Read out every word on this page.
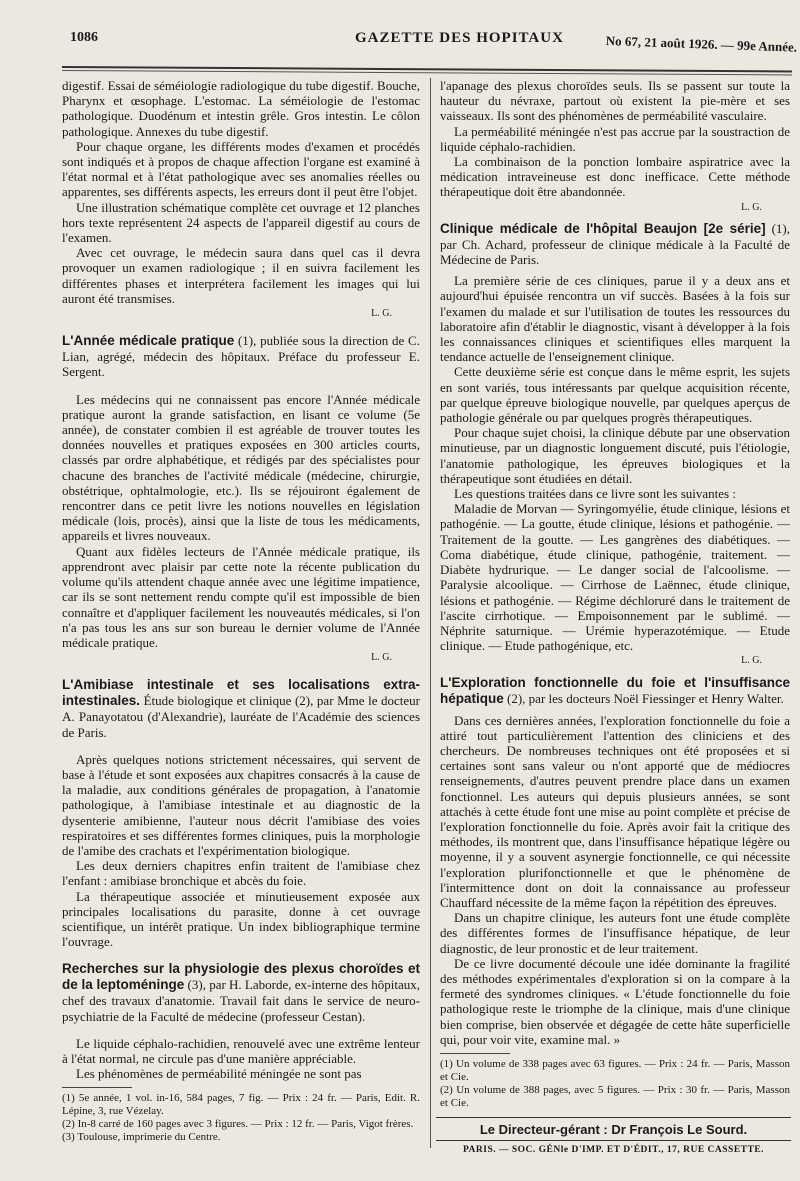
1086	GAZETTE DES HOPITAUX	No 67, 21 août 1926. — 99e Année.

digestif. Essai de séméiologie radiologique du tube digestif. Bouche, Pharynx et œsophage. L'estomac. La séméiologie de l'estomac pathologique. Duodénum et intestin grêle. Gros intestin. Le côlon pathologique. Annexes du tube digestif.

Pour chaque organe, les différents modes d'examen et procédés sont indiqués et à propos de chaque affection l'organe est examiné à l'état normal et à l'état pathologique avec ses anomalies réelles ou apparentes, ses différents aspects, les erreurs dont il peut être l'objet.

Une illustration schématique complète cet ouvrage et 12 planches hors texte représentent 24 aspects de l'appareil digestif au cours de l'examen.

Avec cet ouvrage, le médecin saura dans quel cas il devra provoquer un examen radiologique ; il en suivra facilement les différentes phases et interprétera facilement les images qui lui auront été transmises.

L. G.
L'Année médicale pratique (1), publiée sous la direction de C. Lian, agrégé, médecin des hôpitaux. Préface du professeur E. Sergent.

Les médecins qui ne connaissent pas encore l'Année médicale pratique auront la grande satisfaction, en lisant ce volume (5e année), de constater combien il est agréable de trouver toutes les données nouvelles et pratiques exposées en 300 articles courts, classés par ordre alphabétique, et rédigés par des spécialistes pour chacune des branches de l'activité médicale (médecine, chirurgie, obstétrique, ophtalmologie, etc.). Ils se réjouiront également de rencontrer dans ce petit livre les notions nouvelles en législation médicale (lois, procès), ainsi que la liste de tous les médicaments, appareils et livres nouveaux.

Quant aux fidèles lecteurs de l'Année médicale pratique, ils apprendront avec plaisir par cette note la récente publication du volume qu'ils attendent chaque année avec une légitime impatience, car ils se sont nettement rendu compte qu'il est impossible de bien connaître et d'appliquer facilement les nouveautés médicales, si l'on n'a pas tous les ans sur son bureau le dernier volume de l'Année médicale pratique.

L. G.
L'Amibiase intestinale et ses localisations extra-intestinales. Étude biologique et clinique (2), par Mme le docteur A. Panayotatou (d'Alexandrie), lauréate de l'Académie des sciences de Paris.

Après quelques notions strictement nécessaires, qui servent de base à l'étude et sont exposées aux chapitres consacrés à la cause de la maladie, aux conditions générales de propagation, à l'anatomie pathologique, à l'amibiase intestinale et au diagnostic de la dysenterie amibienne, l'auteur nous décrit l'amibiase des voies respiratoires et ses différentes formes cliniques, puis la morphologie de l'amibe des crachats et l'expérimentation biologique.

Les deux derniers chapitres enfin traitent de l'amibiase chez l'enfant : amibiase bronchique et abcès du foie.

La thérapeutique associée et minutieusement exposée aux principales localisations du parasite, donne à cet ouvrage scientifique, un intérêt pratique. Un index bibliographique termine l'ouvrage.

Recherches sur la physiologie des plexus choroïdes et de la leptoméninge (3), par H. Laborde, ex-interne des hôpitaux, chef des travaux d'anatomie. Travail fait dans le service de neuro-psychiatrie de la Faculté de médecine (professeur Cestan).

Le liquide céphalo-rachidien, renouvelé avec une extrême lenteur à l'état normal, ne circule pas d'une manière appréciable.

Les phénomènes de perméabilité méningée ne sont pas

(1) 5e année, 1 vol. in-16, 584 pages, 7 fig. — Prix : 24 fr. — Paris, Edit. R. Lépine, 3, rue Vézelay.

(2) In-8 carré de 160 pages avec 3 figures. — Prix : 12 fr. — Paris, Vigot frères.

(3) Toulouse, imprimerie du Centre.

l'apanage des plexus choroïdes seuls. Ils se passent sur toute la hauteur du névraxe, partout où existent la pie-mère et ses vaisseaux. Ils sont des phénomènes de perméabilité vasculaire.

La perméabilité méningée n'est pas accrue par la soustraction de liquide céphalo-rachidien.

La combinaison de la ponction lombaire aspiratrice avec la médication intraveineuse est donc inefficace. Cette méthode thérapeutique doit être abandonnée.

L. G.
Clinique médicale de l'hôpital Beaujon [2e série] (1), par Ch. Achard, professeur de clinique médicale à la Faculté de Médecine de Paris.

La première série de ces cliniques, parue il y a deux ans et aujourd'hui épuisée rencontra un vif succès. Basées à la fois sur l'examen du malade et sur l'utilisation de toutes les ressources du laboratoire afin d'établir le diagnostic, visant à développer à la fois les connaissances cliniques et scientifiques elles marquent la tendance actuelle de l'enseignement clinique.

Cette deuxième série est conçue dans le même esprit, les sujets en sont variés, tous intéressants par quelque acquisition récente, par quelque épreuve biologique nouvelle, par quelques aperçus de pathologie générale ou par quelques progrès thérapeutiques.

Pour chaque sujet choisi, la clinique débute par une observation minutieuse, par un diagnostic longuement discuté, puis l'étiologie, l'anatomie pathologique, les épreuves biologiques et la thérapeutique sont étudiées en détail.

Les questions traitées dans ce livre sont les suivantes :

Maladie de Morvan — Syringomyélie, étude clinique, lésions et pathogénie. — La goutte, étude clinique, lésions et pathogénie. — Traitement de la goutte. — Les gangrènes des diabétiques. — Coma diabétique, étude clinique, pathogénie, traitement. — Diabète hydrurique. — Le danger social de l'alcoolisme. — Paralysie alcoolique. — Cirrhose de Laënnec, étude clinique, lésions et pathogénie. — Régime déchloruré dans le traitement de l'ascite cirrhotique. — Empoisonnement par le sublimé. — Néphrite saturnique. — Urémie hyperazotémique. — Etude clinique. — Etude pathogénique, etc.

L. G.
L'Exploration fonctionnelle du foie et l'insuffisance hépatique (2), par les docteurs Noël Fiessinger et Henry Walter.

Dans ces dernières années, l'exploration fonctionnelle du foie a attiré tout particulièrement l'attention des cliniciens et des chercheurs. De nombreuses techniques ont été proposées et si certaines sont sans valeur ou n'ont apporté que de médiocres renseignements, d'autres peuvent prendre place dans un examen fonctionnel. Les auteurs qui depuis plusieurs années, se sont attachés à cette étude font une mise au point complète et précise de l'exploration fonctionnelle du foie. Après avoir fait la critique des méthodes, ils montrent que, dans l'insuffisance hépatique légère ou moyenne, il y a souvent asynergie fonctionnelle, ce qui nécessite l'exploration plurifonctionnelle et que le phénomène de l'intermittence dont on doit la connaissance au professeur Chauffard nécessite de la même façon la répétition des épreuves.

Dans un chapitre clinique, les auteurs font une étude complète des différentes formes de l'insuffisance hépatique, de leur diagnostic, de leur pronostic et de leur traitement.

De ce livre documenté découle une idée dominante la fragilité des méthodes expérimentales d'exploration si on la compare à la fermeté des syndromes cliniques. « L'étude fonctionnelle du foie pathologique reste le triomphe de la clinique, mais d'une clinique bien comprise, bien observée et dégagée de cette hâte superficielle qui, pour voir vite, examine mal. »

(1) Un volume de 338 pages avec 63 figures. — Prix : 24 fr. — Paris, Masson et Cie.

(2) Un volume de 388 pages, avec 5 figures. — Prix : 30 fr. — Paris, Masson et Cie.

Le Directeur-gérant : Dr François Le Sourd.
PARIS. — SOC. GÉNle D'IMP. ET D'ÉDIT., 17, RUE CASSETTE.
